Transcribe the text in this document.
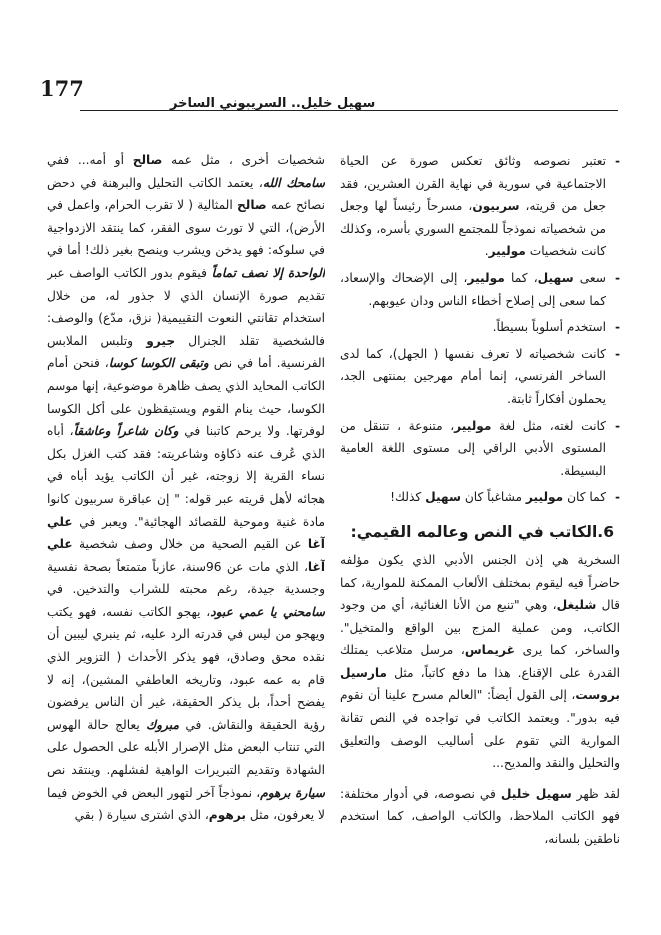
177
سهيل خليل.. السريبوني الساخر
- تعتبر نصوصه وثائق تعكس صورة عن الحياة الاجتماعية في سورية في نهاية القرن العشرين، فقد جعل من قريته، سربيون، مسرحاً رئيساً لها وجعل من شخصياته نموذجاً للمجتمع السوري بأسره، وكذلك كانت شخصيات موليير.
- سعى سهيل، كما موليير، إلى الإضحاك والإسعاد، كما سعى إلى إصلاح أخطاء الناس ودان عيوبهم.
- استخدم أسلوباً بسيطاً.
- كانت شخصياته لا تعرف نفسها ( الجهل)، كما لدى الساخر الفرنسي، إنما أمام مهرجين بمنتهى الجد، يحملون أفكاراً ثابتة.
- كانت لغته، مثل لغة موليير، متنوعة ، تتنقل من المستوى الأدبي الراقي إلى مستوى اللغة العامية البسيطة.
- كما كان موليير مشاغباً كان سهيل كذلك!
6.الكاتب في النص وعالمه القيمي:

السخرية هي إذن الجنس الأدبي الذي يكون مؤلفه حاضراً فيه ليقوم بمختلف الألعاب الممكنة للموارية، كما قال شليغل، وهي "تنبع من الأنا الغنائية، أي من وجود الكاتب، ومن عملية المزج بين الواقع والمتخيل". والساخر، كما يرى غريماس، مرسل متلاعب يمتلك القدرة على الإقناع. هذا ما دفع كاتباً، مثل مارسيل بروست، إلى القول أيضاً: "العالم مسرح علينا أن نقوم فيه بدور". ويعتمد الكاتب في تواجده في النص تقانة الموارية التي تقوم على أساليب الوصف والتعليق والتحليل والنقد والمديح...

لقد ظهر سهيل خليل في نصوصه، في أدوار مختلفة: فهو الكاتب الملاحظ، والكاتب الواصف، كما استخدم ناطقين بلسانه،

شخصيات أخرى ، مثل عمه صالح أو أمه... ففي سامحك الله، يعتمد الكاتب التحليل والبرهنة في دحض نصائح عمه صالح المثالية ( لا تقرب الحرام، واعمل في الأرض)، التي لا تورث سوى الفقر، كما ينتقد الازدواجية في سلوكه: فهو يدخن ويشرب وينصح بغير ذلك! أما في الواحدة إلا نصف تماماً فيقوم بدور الكاتب الواصف عبر تقديم صورة الإنسان الذي لا جذور له، من خلال استخدام تقانتي النعوت التقييمية( نزق، مدّع) والوصف: فالشخصية تقلد الجنرال جيرو وتلبس الملابس الفرنسية. أما في نص وتبقى الكوسا كوسا، فنحن أمام الكاتب المحايد الذي يصف ظاهرة موضوعية، إنها موسم الكوسا، حيث ينام القوم ويستيقظون على أكل الكوسا لوفرتها. ولا يرحم كاتبنا في وكان شاعراً وعاشقاً، أباه الذي عُرف عنه ذكاؤه وشاعريته: فقد كتب الغزل بكل نساء القرية إلا زوجته، غير أن الكاتب يؤيد أباه في هجائه لأهل قريته عبر قوله: " إن عباقرة سربيون كانوا مادة غنية وموحية للقصائد الهجائية". ويعبر في علي آغا عن القيم الصحية من خلال وصف شخصية علي آغا، الذي مات عن 96سنة، عازباً متمتعاً بصحة نفسية وجسدية جيدة، رغم محبته للشراب والتدخين. في سامحني يا عمي عبود، يهجو الكاتب نفسه، فهو يكتب ويهجو من ليس في قدرته الرد عليه، ثم ينبري ليبين أن نقده محق وصادق، فهو يذكر الأحداث ( التزوير الذي قام به عمه عبود، وتاريخه العاطفي المشين)، إنه لا يفضح أحداً، بل يذكر الحقيقة، غير أن الناس يرفضون رؤية الحقيقة والنقاش. في مبروك يعالج حالة الهوس التي تنتاب البعض مثل الإصرار الأبله على الحصول على الشهادة وتقديم التبريرات الواهية لفشلهم. وينتقد نص سيارة برهوم، نموذجاً آخر لتهور البعض في الخوض فيما لا يعرفون، مثل برهوم، الذي اشترى سيارة ( بقي
